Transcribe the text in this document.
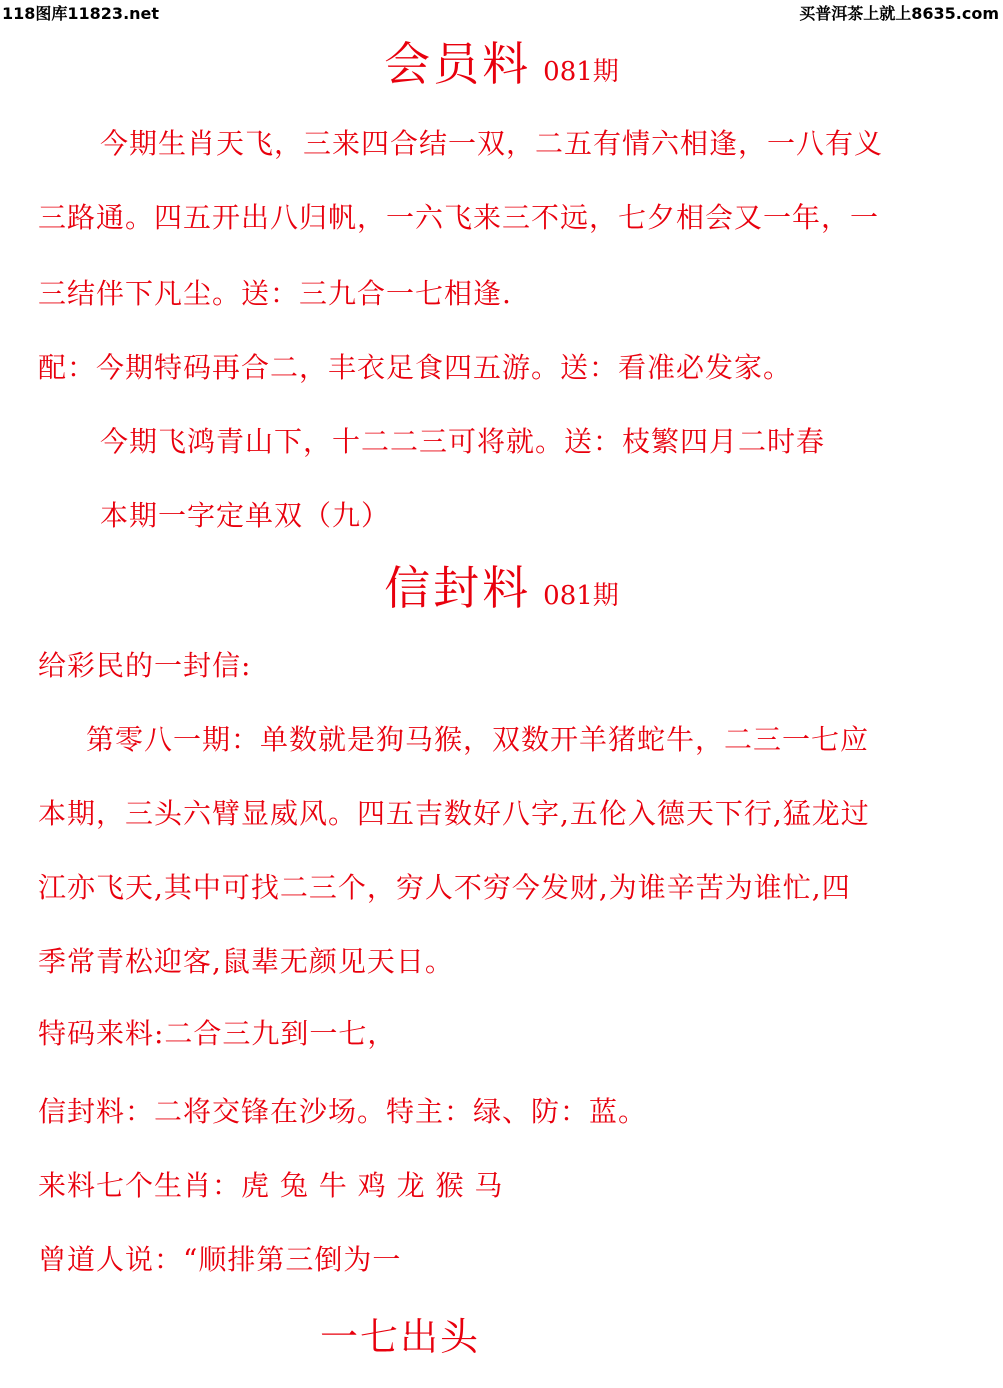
118图库11823.net	买普洱茶上就上8635.com
会员料 081期
今期生肖天飞，三来四合结一双，二五有情六相逢，一八有义
三路通。四五开出八归帆，一六飞来三不远，七夕相会又一年，一
三结伴下凡尘。送：三九合一七相逢.
配：今期特码再合二，丰衣足食四五游。送：看准必发家。
今期飞鸿青山下，十二二三可将就。送：枝繁四月二时春
本期一字定单双（九）
信封料 081期
给彩民的一封信:
第零八一期：单数就是狗马猴，双数开羊猪蛇牛，二三一七应
本期，三头六臂显威风。四五吉数好八字,五伦入德天下行,猛龙过
江亦飞天,其中可找二三个，穷人不穷今发财,为谁辛苦为谁忙,四
季常青松迎客,鼠辈无颜见天日。
特码来料:二合三九到一七，
信封料：二将交锋在沙场。特主：绿、防：蓝。
来料七个生肖：虎 兔 牛 鸡 龙 猴 马
曾道人说：“顺排第三倒为一
一七出头
